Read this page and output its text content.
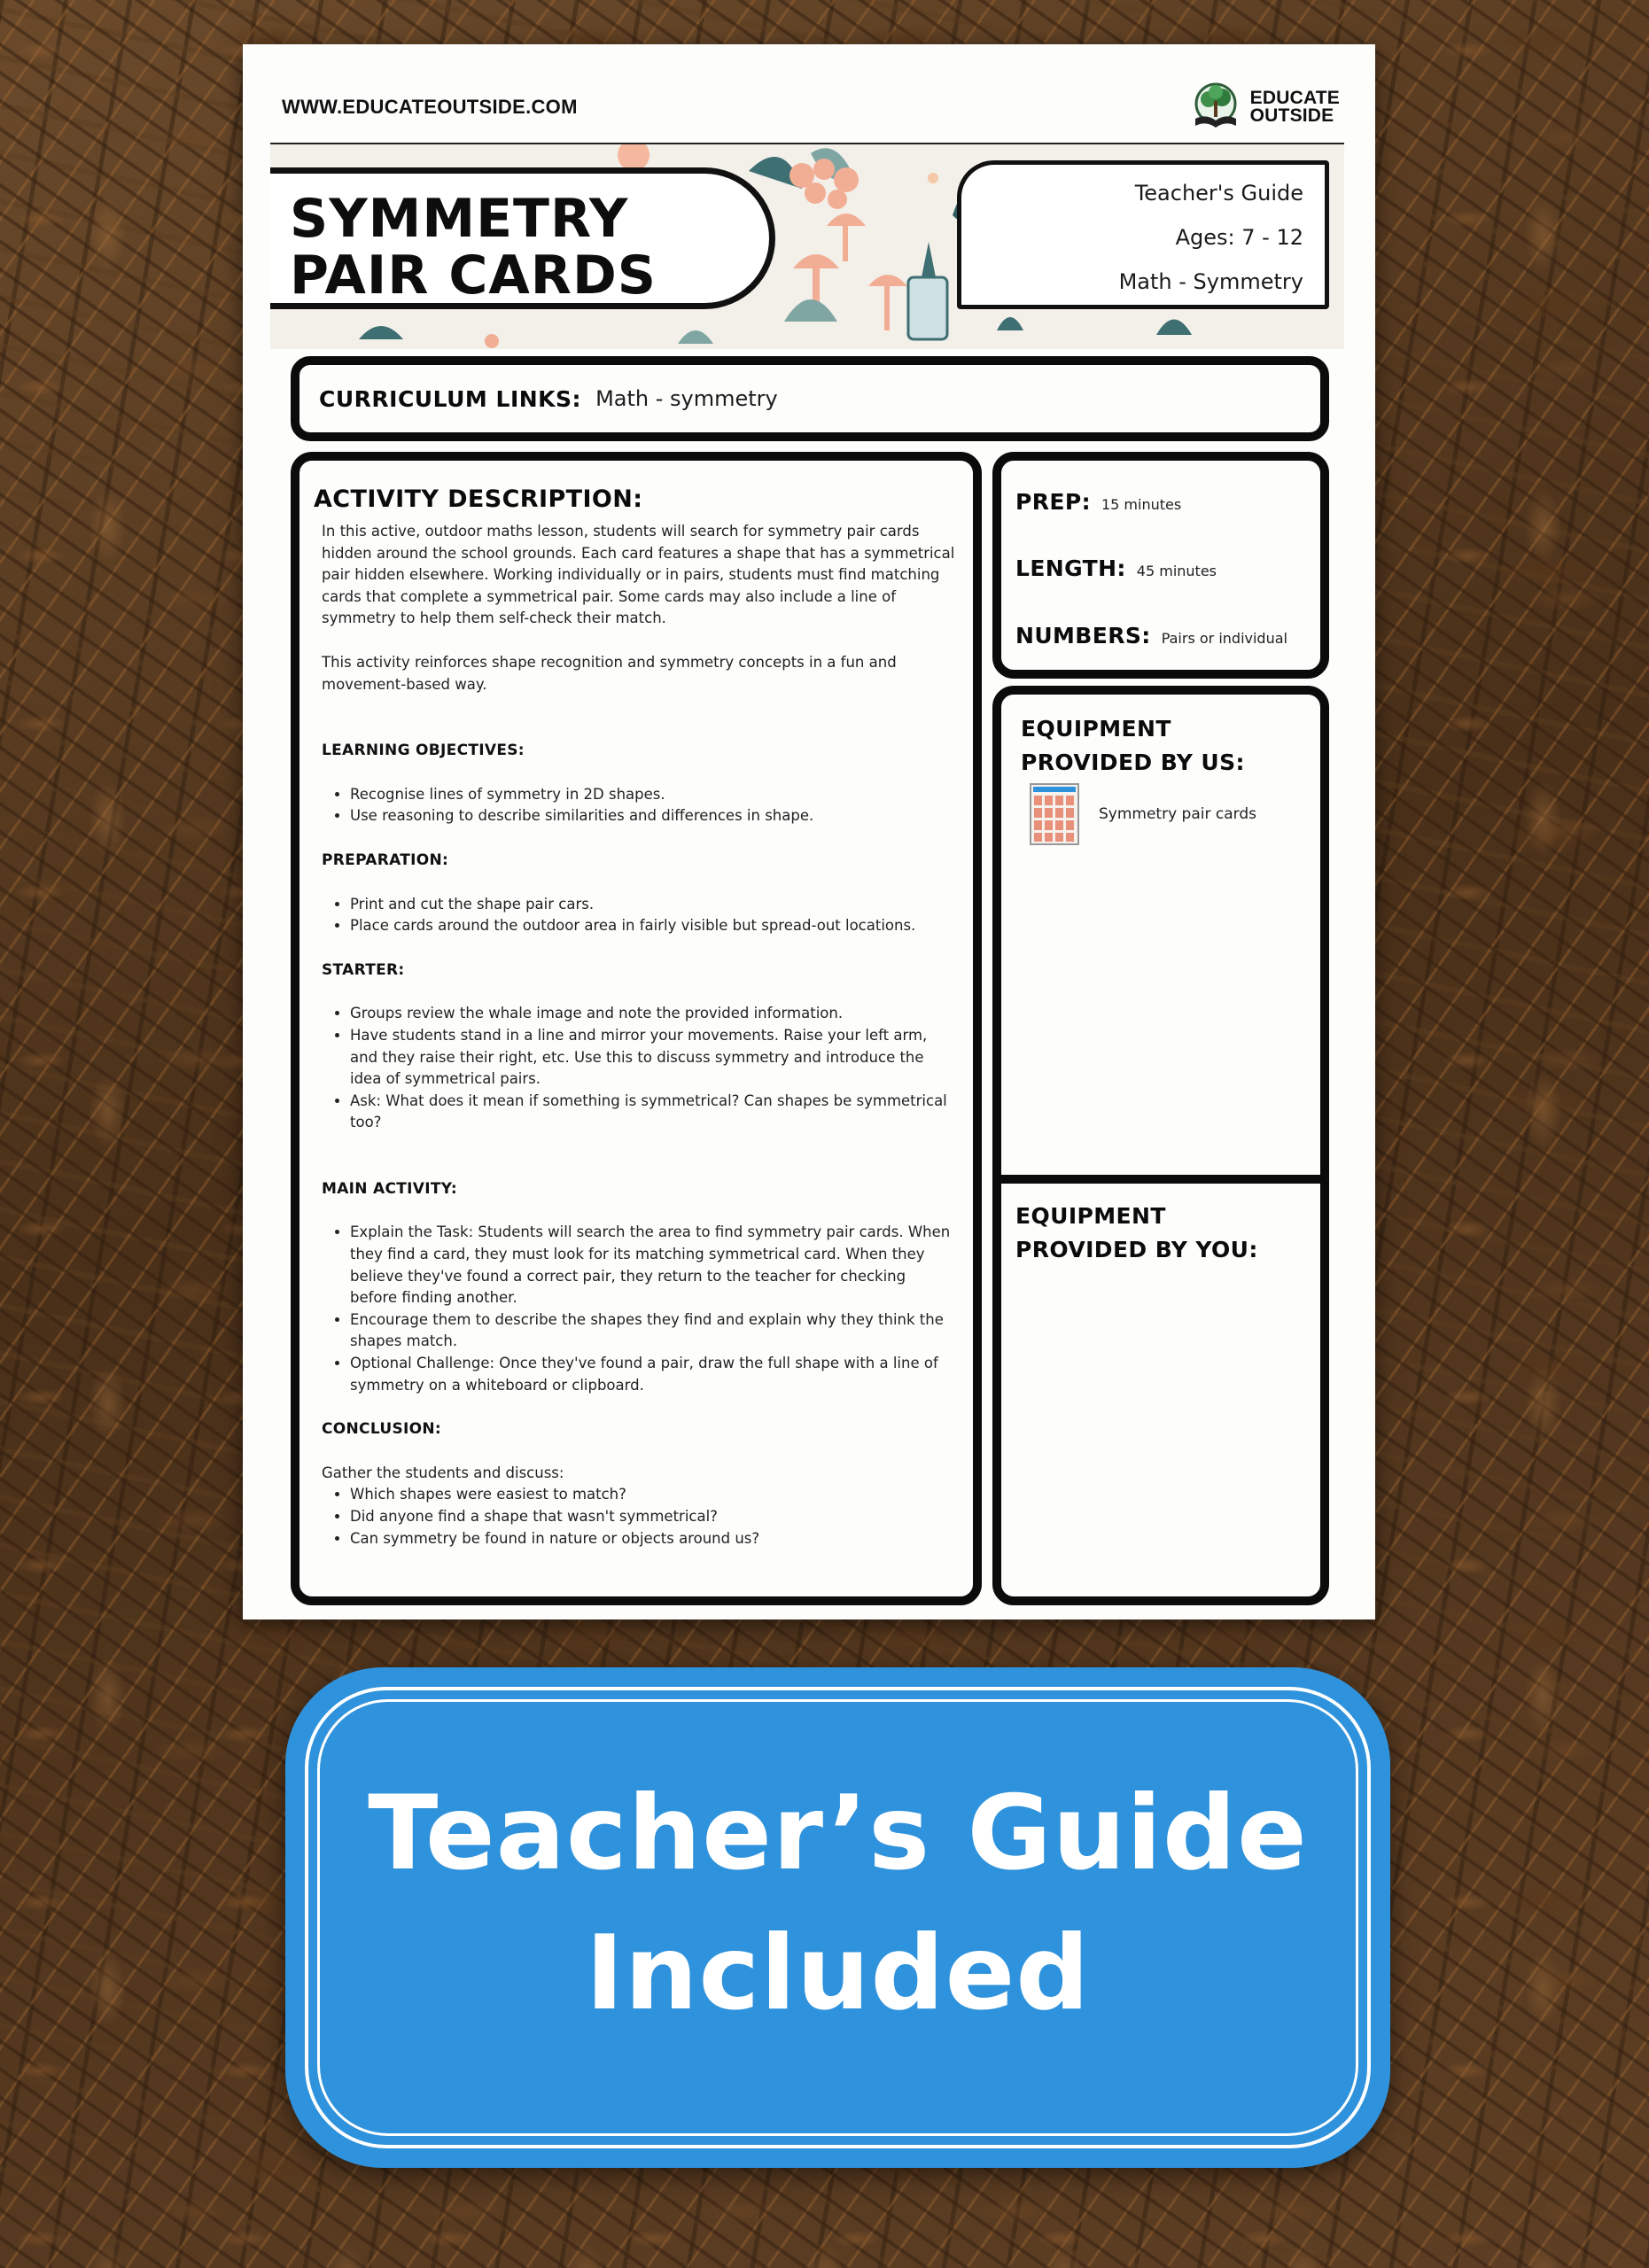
WWW.EDUCATEOUTSIDE.COM	EDUCATE
OUTSIDE
SYMMETRY
PAIR CARDS
Teacher's Guide
Ages: 7 - 12
Math - Symmetry
CURRICULUM LINKS: Math - symmetry
ACTIVITY DESCRIPTION:

In this active, outdoor maths lesson, students will search for symmetry pair cards hidden around the school grounds. Each card features a shape that has a symmetrical pair hidden elsewhere. Working individually or in pairs, students must find matching cards that complete a symmetrical pair. Some cards may also include a line of symmetry to help them self-check their match.

This activity reinforces shape recognition and symmetry concepts in a fun and movement-based way.

LEARNING OBJECTIVES:

• Recognise lines of symmetry in 2D shapes.
• Use reasoning to describe similarities and differences in shape.

PREPARATION:

• Print and cut the shape pair cars.
• Place cards around the outdoor area in fairly visible but spread-out locations.

STARTER:

• Groups review the whale image and note the provided information.
• Have students stand in a line and mirror your movements. Raise your left arm, and they raise their right, etc. Use this to discuss symmetry and introduce the idea of symmetrical pairs.
• Ask: What does it mean if something is symmetrical? Can shapes be symmetrical too?

MAIN ACTIVITY:

• Explain the Task: Students will search the area to find symmetry pair cards. When they find a card, they must look for its matching symmetrical card. When they believe they've found a correct pair, they return to the teacher for checking before finding another.
• Encourage them to describe the shapes they find and explain why they think the shapes match.
• Optional Challenge: Once they've found a pair, draw the full shape with a line of symmetry on a whiteboard or clipboard.

CONCLUSION:

Gather the students and discuss:

• Which shapes were easiest to match?
• Did anyone find a shape that wasn't symmetrical?
• Can symmetry be found in nature or objects around us?
PREP: 15 minutes
LENGTH: 45 minutes
NUMBERS: Pairs or individual
EQUIPMENT
PROVIDED BY US:
Symmetry pair cards
EQUIPMENT
PROVIDED BY YOU:
Teacher’s Guide
Included
